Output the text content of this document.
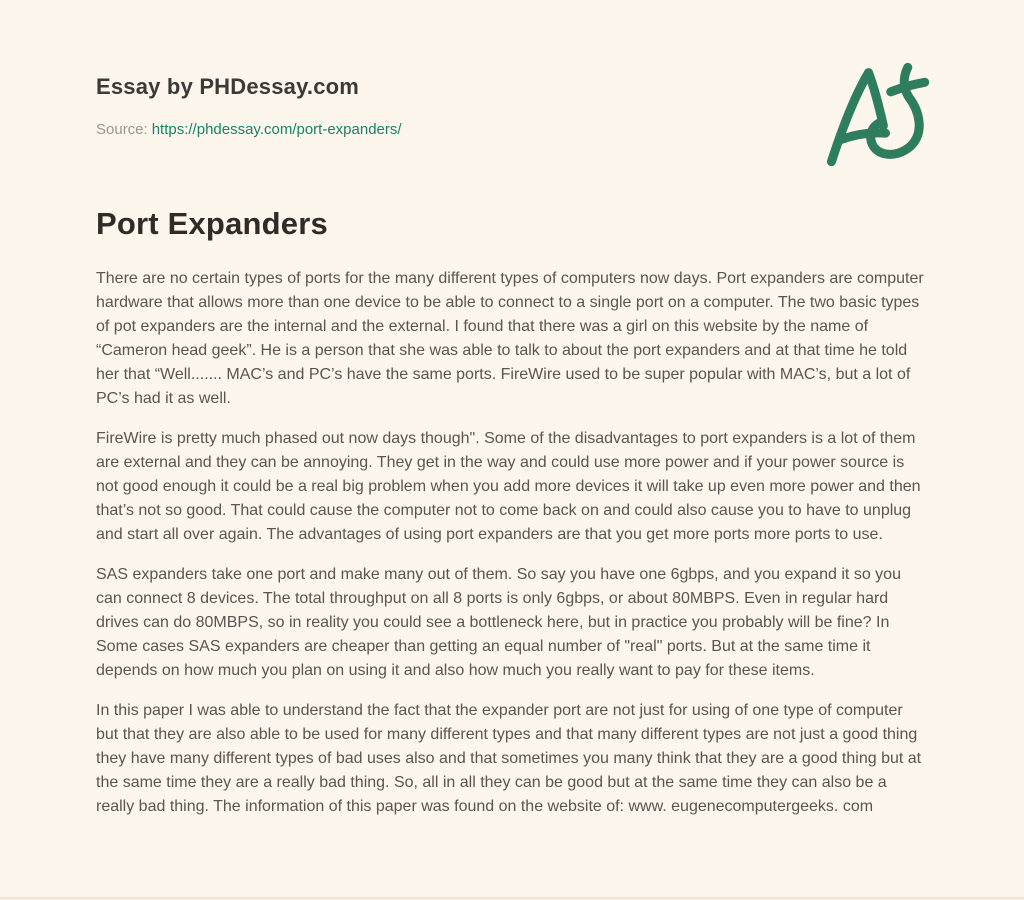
Essay by PHDessay.com
Source: https://phdessay.com/port-expanders/
Port Expanders

There are no certain types of ports for the many different types of computers now days. Port expanders are computer hardware that allows more than one device to be able to connect to a single port on a computer. The two basic types of pot expanders are the internal and the external. I found that there was a girl on this website by the name of “Cameron head geek”. He is a person that she was able to talk to about the port expanders and at that time he told her that “Well....... MAC’s and PC’s have the same ports. FireWire used to be super popular with MAC’s, but a lot of PC’s had it as well.

FireWire is pretty much phased out now days though". Some of the disadvantages to port expanders is a lot of them are external and they can be annoying. They get in the way and could use more power and if your power source is not good enough it could be a real big problem when you add more devices it will take up even more power and then that’s not so good. That could cause the computer not to come back on and could also cause you to have to unplug and start all over again. The advantages of using port expanders are that you get more ports more ports to use.

SAS expanders take one port and make many out of them. So say you have one 6gbps, and you expand it so you can connect 8 devices. The total throughput on all 8 ports is only 6gbps, or about 80MBPS. Even in regular hard drives can do 80MBPS, so in reality you could see a bottleneck here, but in practice you probably will be fine? In Some cases SAS expanders are cheaper than getting an equal number of "real" ports. But at the same time it depends on how much you plan on using it and also how much you really want to pay for these items.

In this paper I was able to understand the fact that the expander port are not just for using of one type of computer but that they are also able to be used for many different types and that many different types are not just a good thing they have many different types of bad uses also and that sometimes you many think that they are a good thing but at the same time they are a really bad thing. So, all in all they can be good but at the same time they can also be a really bad thing. The information of this paper was found on the website of: www. eugenecomputergeeks. com
